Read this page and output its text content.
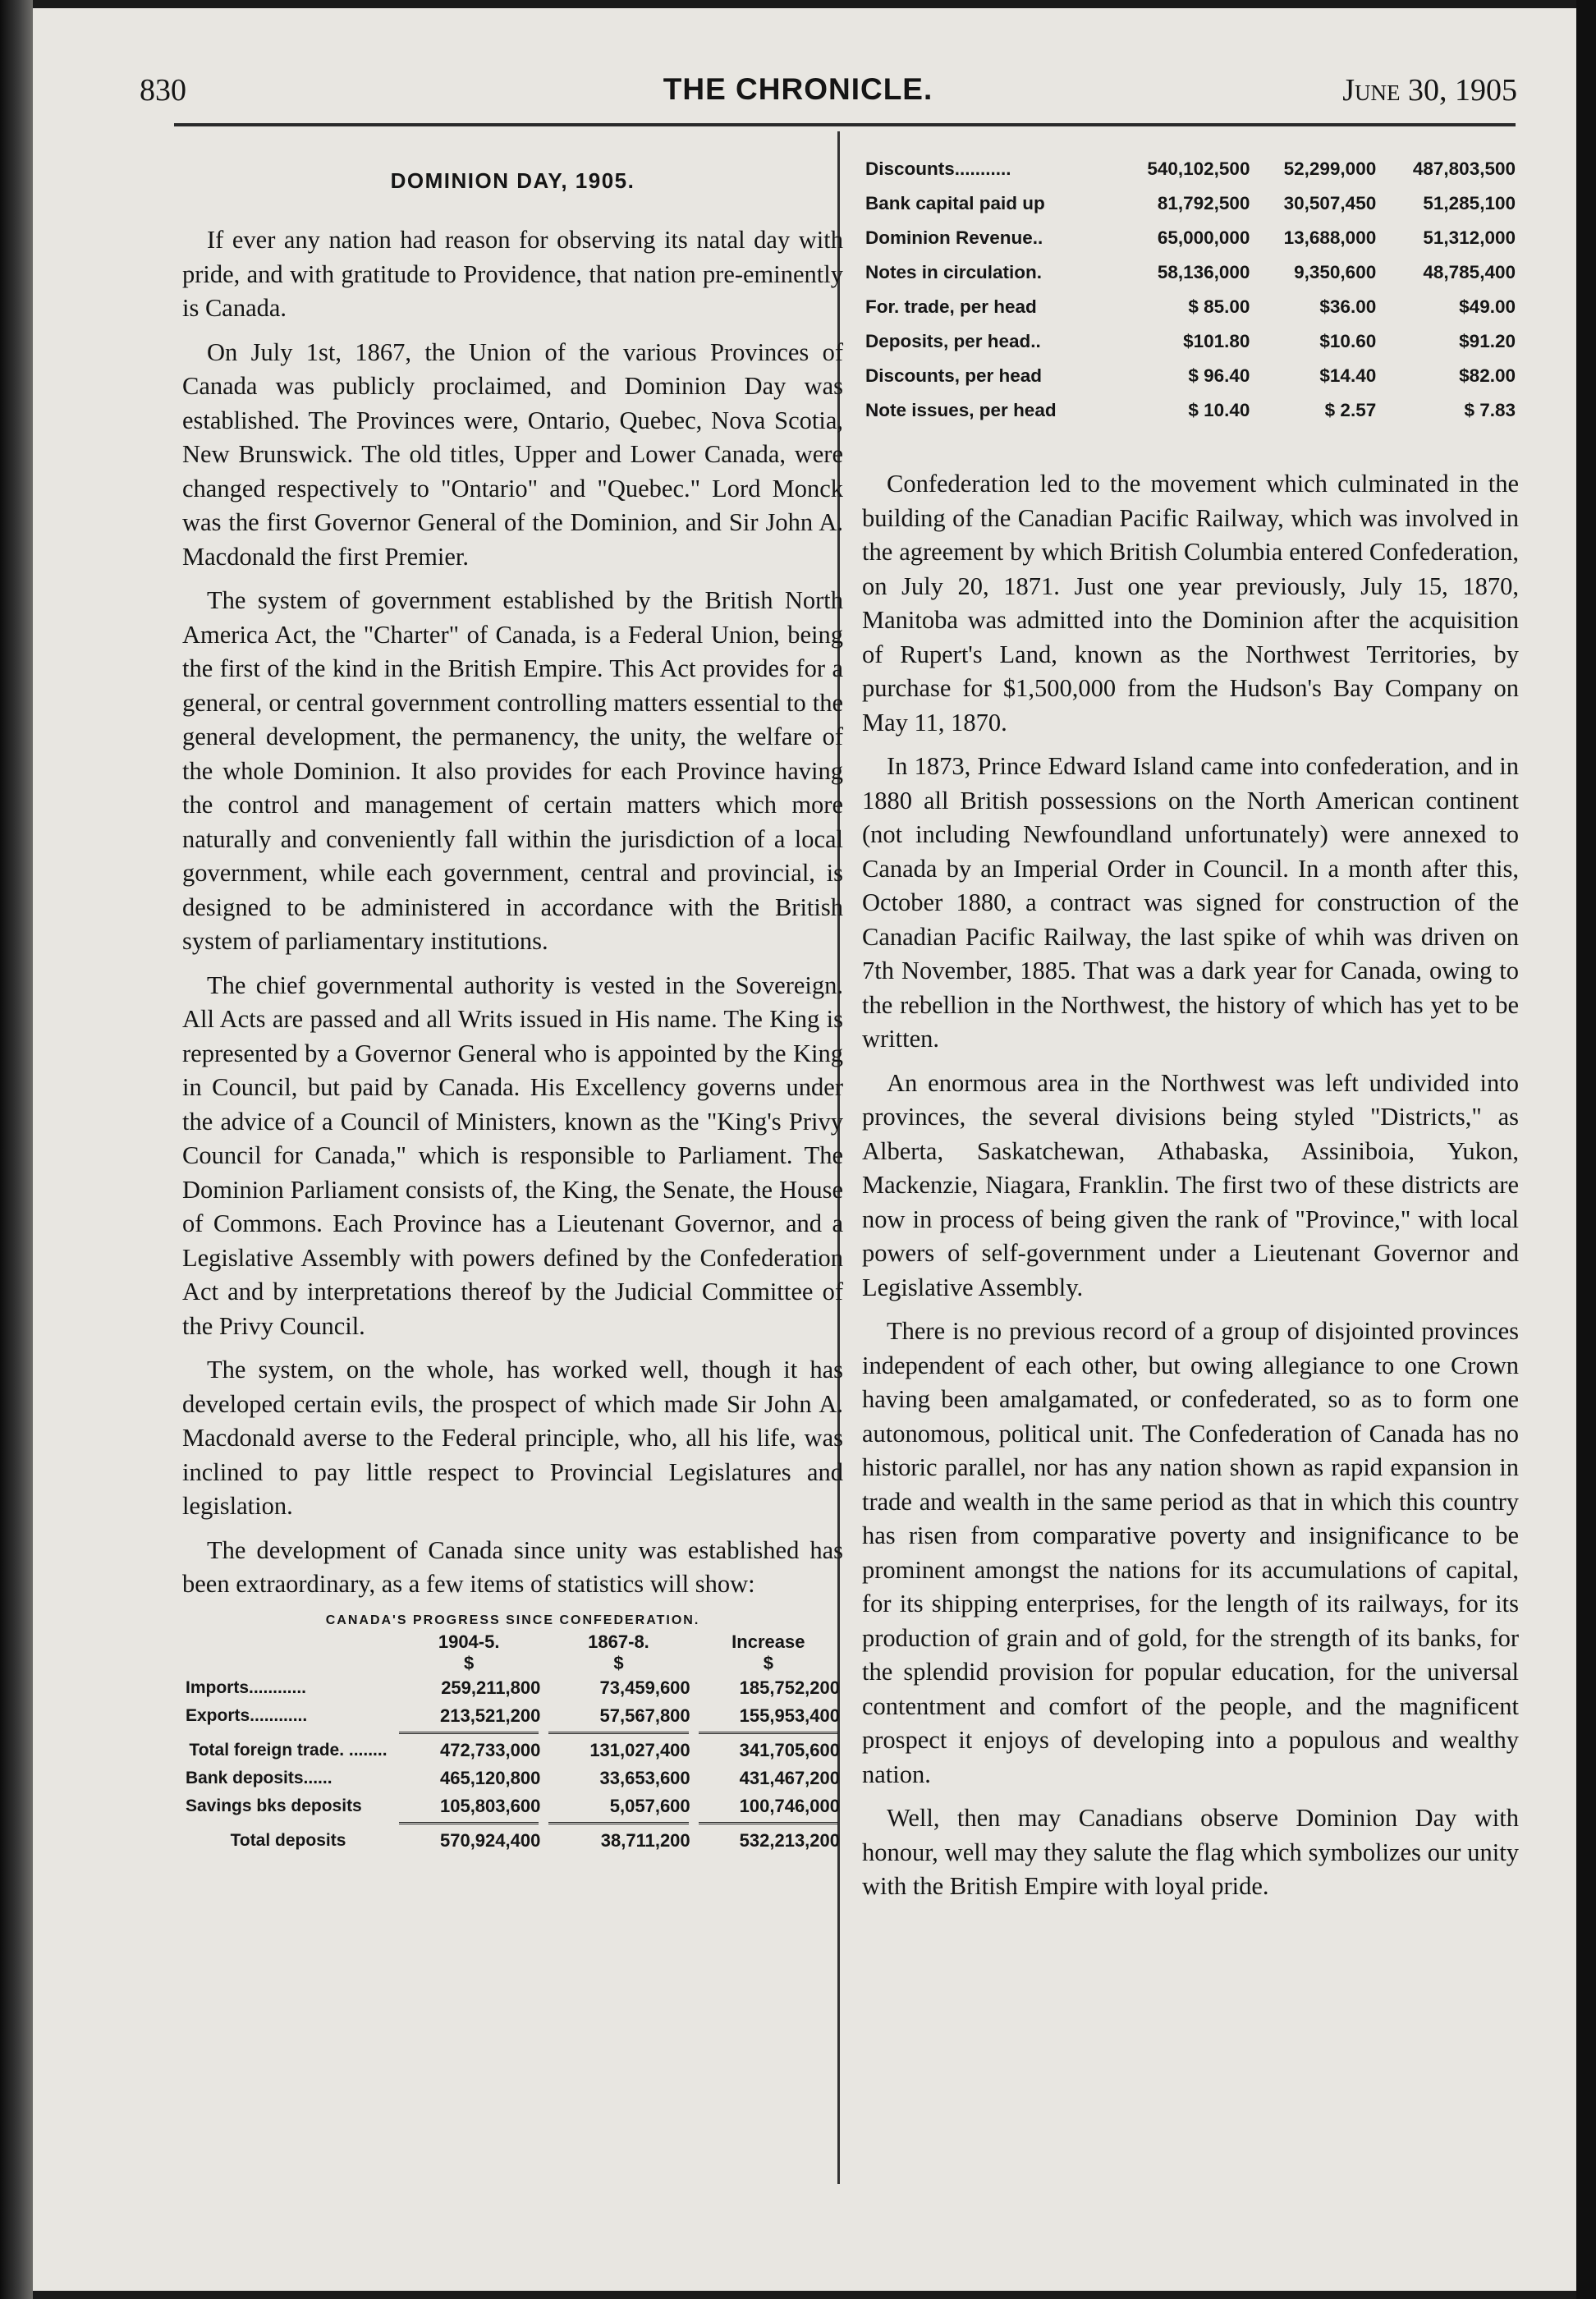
830	THE CHRONICLE.	June 30, 1905
DOMINION DAY, 1905.

If ever any nation had reason for observing its natal day with pride, and with gratitude to Providence, that nation pre-eminently is Canada.

On July 1st, 1867, the Union of the various Provinces of Canada was publicly proclaimed, and Dominion Day was established. The Provinces were, Ontario, Quebec, Nova Scotia, New Brunswick. The old titles, Upper and Lower Canada, were changed respectively to "Ontario" and "Quebec." Lord Monck was the first Governor General of the Dominion, and Sir John A. Macdonald the first Premier.

The system of government established by the British North America Act, the "Charter" of Canada, is a Federal Union, being the first of the kind in the British Empire. This Act provides for a general, or central government controlling matters essential to the general development, the permanency, the unity, the welfare of the whole Dominion. It also provides for each Province having the control and management of certain matters which more naturally and conveniently fall within the jurisdiction of a local government, while each government, central and provincial, is designed to be administered in accordance with the British system of parliamentary institutions.

The chief governmental authority is vested in the Sovereign. All Acts are passed and all Writs issued in His name. The King is represented by a Governor General who is appointed by the King in Council, but paid by Canada. His Excellency governs under the advice of a Council of Ministers, known as the "King's Privy Council for Canada," which is responsible to Parliament. The Dominion Parliament consists of, the King, the Senate, the House of Commons. Each Province has a Lieutenant Governor, and a Legislative Assembly with powers defined by the Confederation Act and by interpretations thereof by the Judicial Committee of the Privy Council.

The system, on the whole, has worked well, though it has developed certain evils, the prospect of which made Sir John A. Macdonald averse to the Federal principle, who, all his life, was inclined to pay little respect to Provincial Legislatures and legislation.

The development of Canada since unity was established has been extraordinary, as a few items of statistics will show:

CANADA'S PROGRESS SINCE CONFEDERATION.
	1904-5.	1867-8.	Increase
	$	$	$
Imports............	259,211,800	73,459,600	185,752,200
Exports............	213,521,200	57,567,800	155,953,400

Total foreign trade. ........	472,733,000	131,027,400	341,705,600
Bank deposits......	465,120,800	33,653,600	431,467,200
Savings bks deposits	105,803,600	5,057,600	100,746,000

Total deposits	570,924,400	38,711,200	532,213,200
Discounts...........	540,102,500	52,299,000	487,803,500
Bank capital paid up	81,792,500	30,507,450	51,285,100
Dominion Revenue..	65,000,000	13,688,000	51,312,000
Notes in circulation.	58,136,000	9,350,600	48,785,400
For. trade, per head	$ 85.00	$36.00	$49.00
Deposits, per head..	$101.80	$10.60	$91.20
Discounts, per head	$ 96.40	$14.40	$82.00
Note issues, per head	$ 10.40	$ 2.57	$ 7.83

Confederation led to the movement which culminated in the building of the Canadian Pacific Railway, which was involved in the agreement by which British Columbia entered Confederation, on July 20, 1871. Just one year previously, July 15, 1870, Manitoba was admitted into the Dominion after the acquisition of Rupert's Land, known as the Northwest Territories, by purchase for $1,500,000 from the Hudson's Bay Company on May 11, 1870.

In 1873, Prince Edward Island came into confederation, and in 1880 all British possessions on the North American continent (not including Newfoundland unfortunately) were annexed to Canada by an Imperial Order in Council. In a month after this, October 1880, a contract was signed for construction of the Canadian Pacific Railway, the last spike of whih was driven on 7th November, 1885. That was a dark year for Canada, owing to the rebellion in the Northwest, the history of which has yet to be written.

An enormous area in the Northwest was left undivided into provinces, the several divisions being styled "Districts," as Alberta, Saskatchewan, Athabaska, Assiniboia, Yukon, Mackenzie, Niagara, Franklin. The first two of these districts are now in process of being given the rank of "Province," with local powers of self-government under a Lieutenant Governor and Legislative Assembly.

There is no previous record of a group of disjointed provinces independent of each other, but owing allegiance to one Crown having been amalgamated, or confederated, so as to form one autonomous, political unit. The Confederation of Canada has no historic parallel, nor has any nation shown as rapid expansion in trade and wealth in the same period as that in which this country has risen from comparative poverty and insignificance to be prominent amongst the nations for its accumulations of capital, for its shipping enterprises, for the length of its railways, for its production of grain and of gold, for the strength of its banks, for the splendid provision for popular education, for the universal contentment and comfort of the people, and the magnificent prospect it enjoys of developing into a populous and wealthy nation.

Well, then may Canadians observe Dominion Day with honour, well may they salute the flag which symbolizes our unity with the British Empire with loyal pride.
